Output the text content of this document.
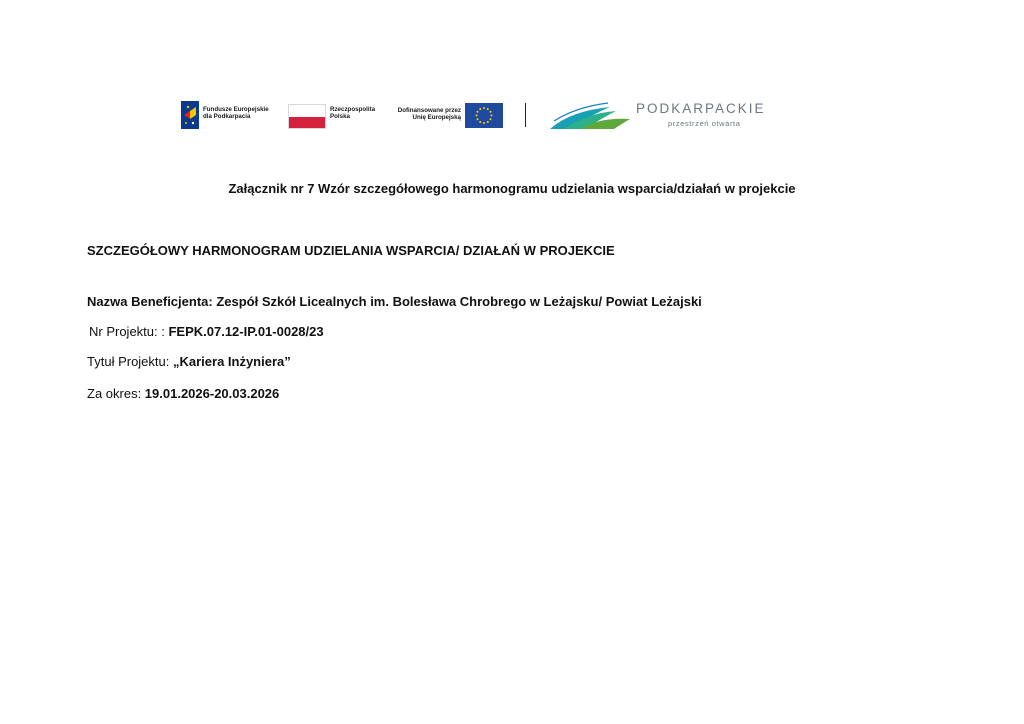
Fundusze Europejskie
dla Podkarpacia
Rzeczpospolita
Polska
Dofinansowane przez
Unię Europejską
PODKARPACKIE
przestrzeń otwarta
Załącznik nr 7 Wzór szczegółowego harmonogramu udzielania wsparcia/działań w projekcie
SZCZEGÓŁOWY HARMONOGRAM UDZIELANIA WSPARCIA/ DZIAŁAŃ W PROJEKCIE
Nazwa Beneficjenta: Zespół Szkół Licealnych im. Bolesława Chrobrego w Leżajsku/ Powiat Leżajski
Nr Projektu: : FEPK.07.12-IP.01-0028/23
Tytuł Projektu: „Kariera Inżyniera”
Za okres: 19.01.2026-20.03.2026
